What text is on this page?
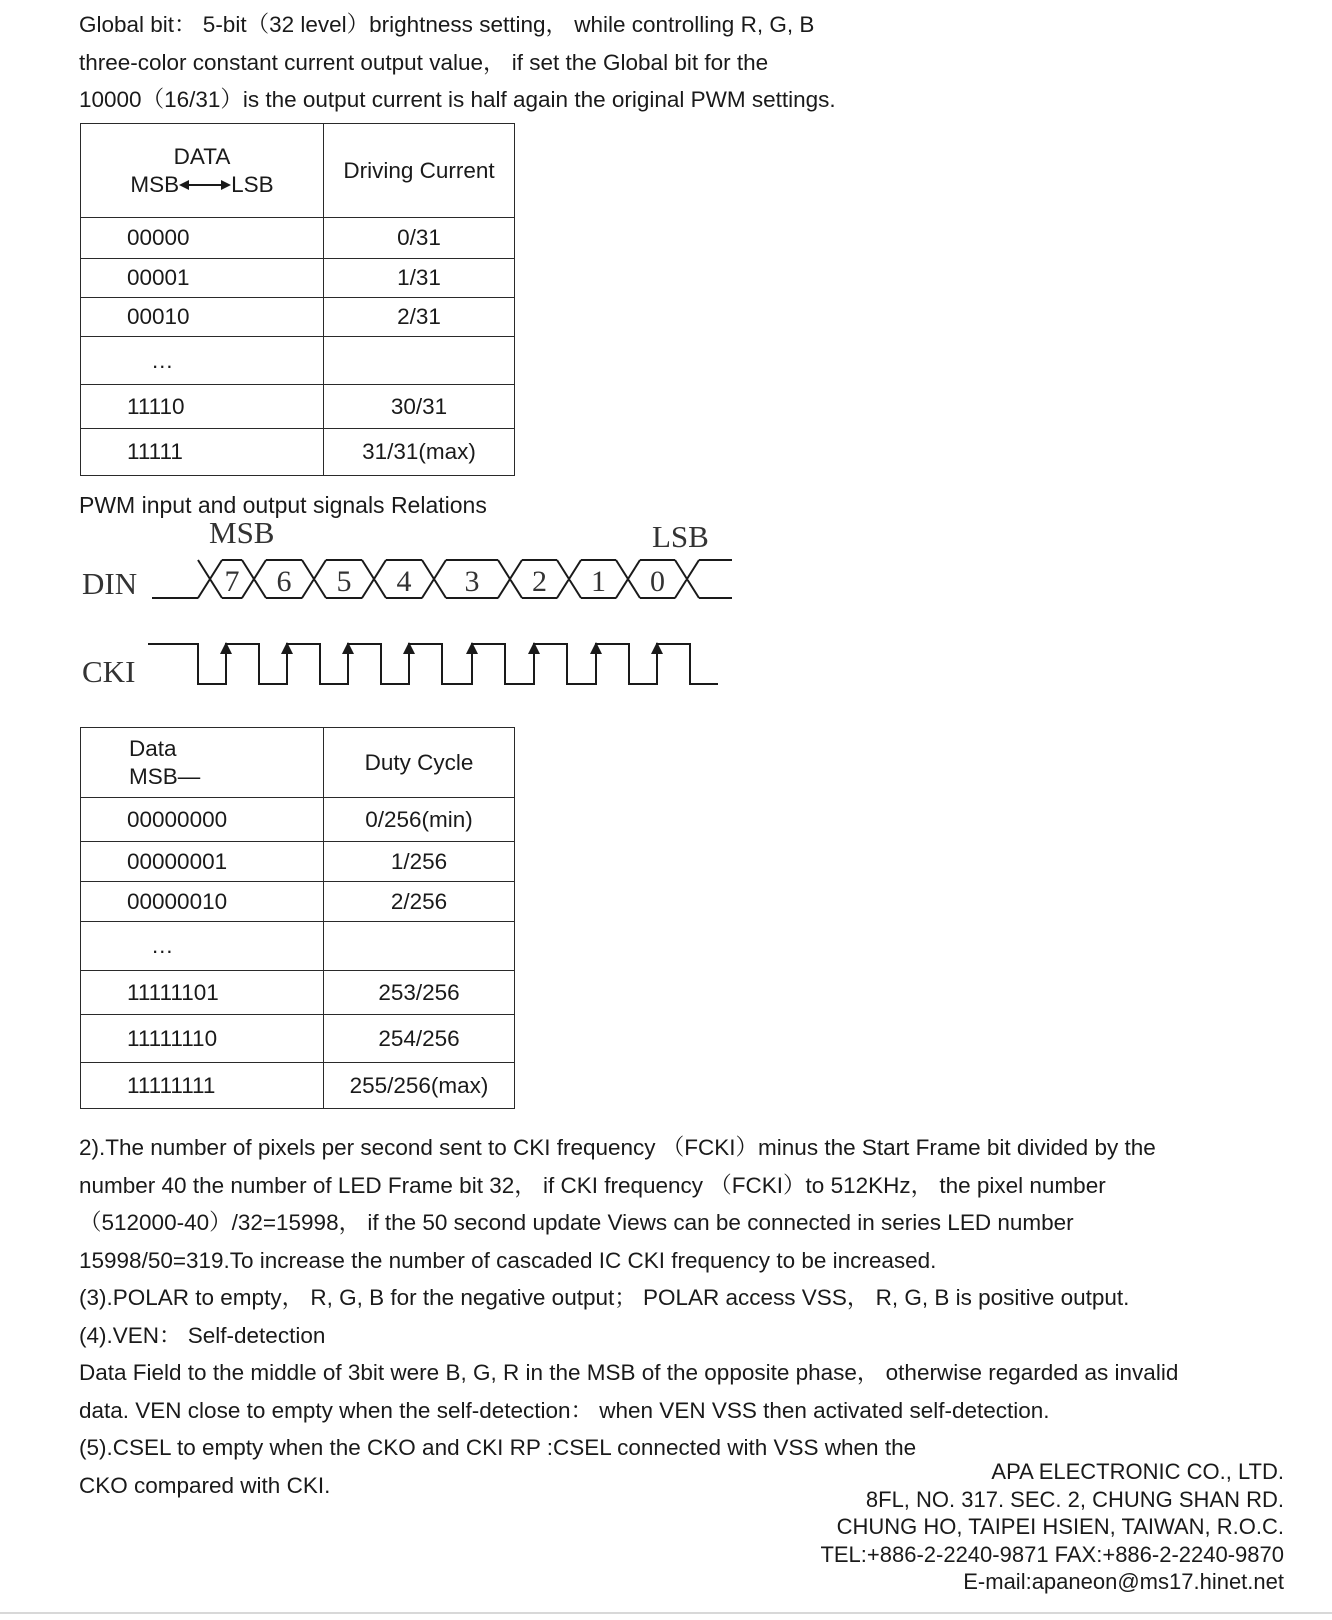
Global bit： 5-bit（32 level）brightness setting， while controlling R, G, B
three-color constant current output value， if set the Global bit for the
10000（16/31）is the output current is half again the original PWM settings.
DATA
MSB LSB	Driving Current
00000	0/31
00001	1/31
00010	2/31
…	
11110	30/31
11111	31/31(max)
PWM input and output signals Relations
MSB	LSB
DIN
CKI
7 6 5 4 3 2 1 0
Data
MSB—	Duty Cycle
00000000	0/256(min)
00000001	1/256
00000010	2/256
…	
11111101	253/256
11111110	254/256
11111111	255/256(max)
2).The number of pixels per second sent to CKI frequency （FCKI）minus the Start Frame bit divided by the
number 40 the number of LED Frame bit 32， if CKI frequency （FCKI）to 512KHz， the pixel number
（512000-40）/32=15998， if the 50 second update Views can be connected in series LED number
15998/50=319.To increase the number of cascaded IC CKI frequency to be increased.
(3).POLAR to empty， R, G, B for the negative output； POLAR access VSS， R, G, B is positive output.
(4).VEN： Self-detection
Data Field to the middle of 3bit were B, G, R in the MSB of the opposite phase， otherwise regarded as invalid
data. VEN close to empty when the self-detection： when VEN VSS then activated self-detection.
(5).CSEL to empty when the CKO and CKI RP :CSEL connected with VSS when the
CKO compared with CKI.
APA ELECTRONIC CO., LTD.
8FL, NO. 317. SEC. 2, CHUNG SHAN RD.
CHUNG HO, TAIPEI HSIEN, TAIWAN, R.O.C.
TEL:+886-2-2240-9871 FAX:+886-2-2240-9870
E-mail:apaneon@ms17.hinet.net
